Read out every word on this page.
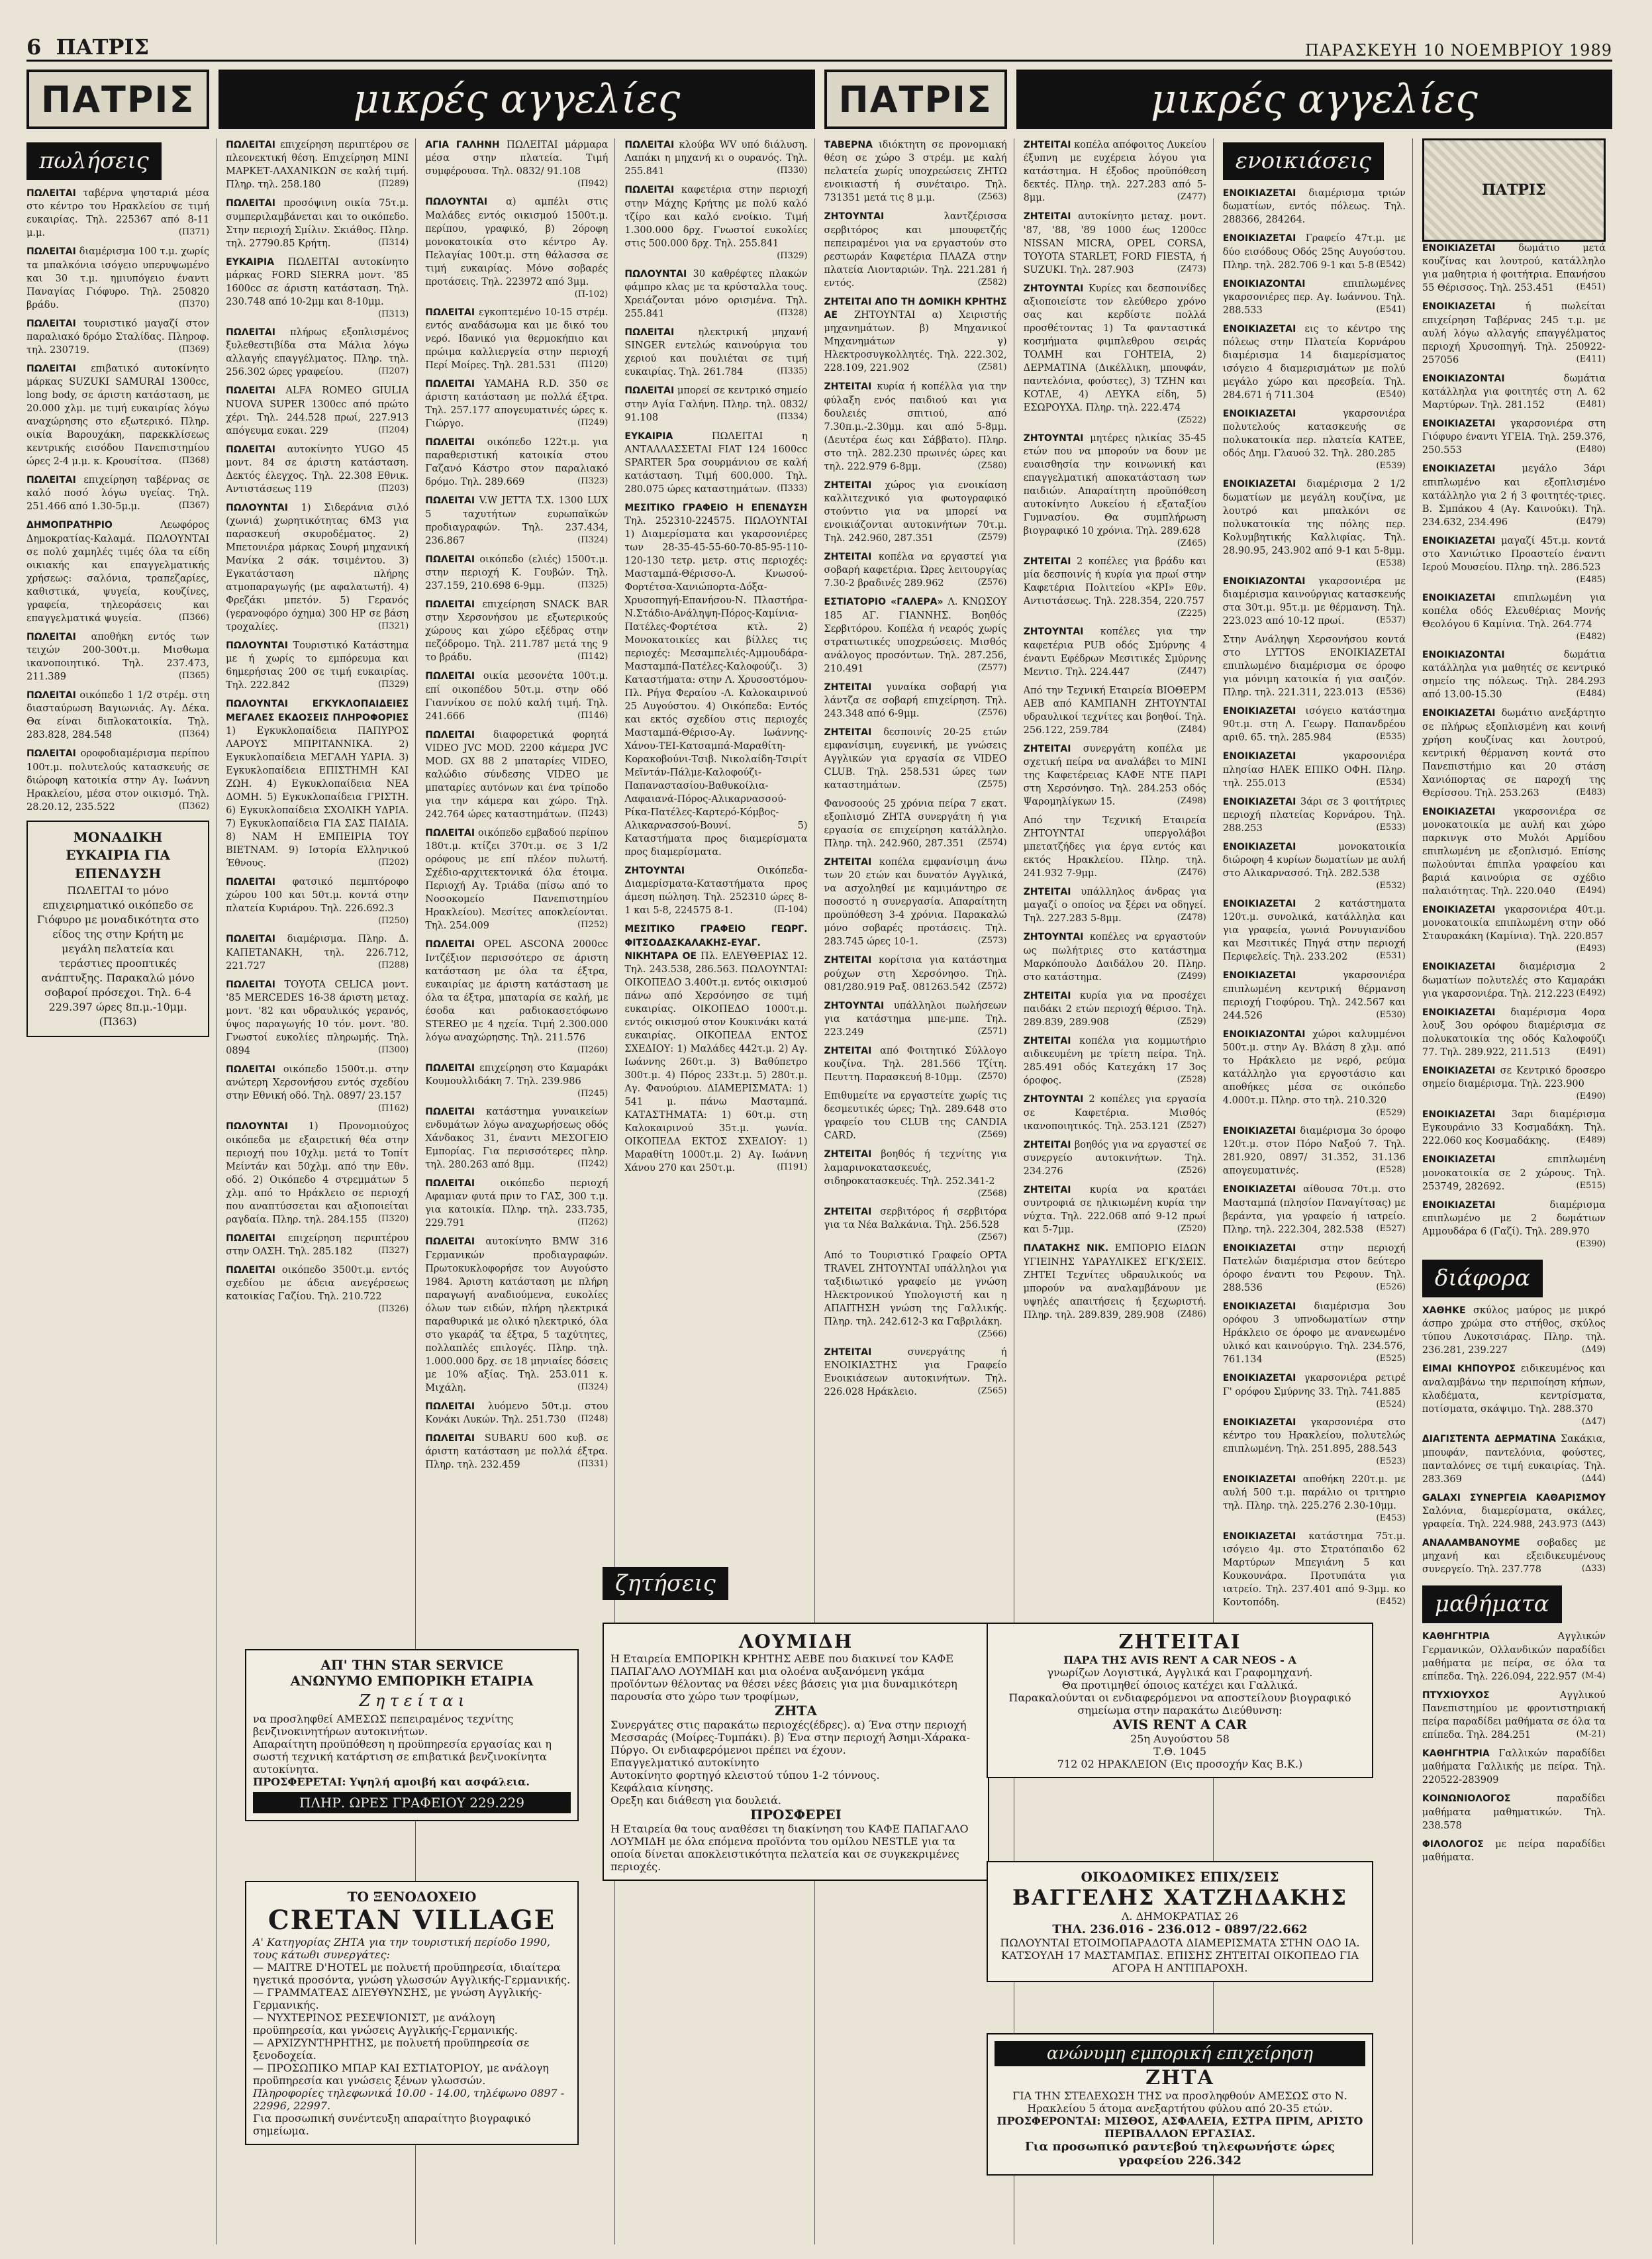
6 ΠΑΤΡΙΣ	ΠΑΡΑΣΚΕΥΗ 10 ΝΟΕΜΒΡΙΟΥ 1989
ΠΑΤΡΙΣ	μικρές αγγελίες	ΠΑΤΡΙΣ	μικρές αγγελίες
πωλήσεις
ΠΩΛΕΙΤΑΙ ταβέρνα ψησταριά μέσα στο κέντρο του Ηρακλείου σε τιμή ευκαιρίας. Τηλ. 225367 από 8-11 μ.μ.	(Π371)
ΠΩΛΕΙΤΑΙ διαμέρισμα 100 τ.μ. χωρίς τα μπαλκόνια ισόγειο υπερυψωμένο και 30 τ.μ. ημιυπόγειο έναντι Παναγίας Γιόφυρο. Τηλ. 250820 βράδυ.	(Π370)
ΠΩΛΕΙΤΑΙ τουριστικό μαγαζί στον παραλιακό δρόμο Σταλίδας. Πληροφ. τηλ. 230719.	(Π369)
ΠΩΛΕΙΤΑΙ επιβατικό αυτοκίνητο μάρκας SUZUKI SAMURAI 1300cc, long body, σε άριστη κατάσταση, με 20.000 χλμ. με τιμή ευκαιρίας λόγω αναχώρησης στο εξωτερικό. Πληρ. οικία Βαρουχάκη, παρεκκλίσεως κεντρικής εισόδου Πανεπιστημίου ώρες 2-4 μ.μ. κ. Κρουσίτσα. (Π368)
ΠΩΛΕΙΤΑΙ επιχείρηση ταβέρνας σε καλό ποσό λόγω υγείας. Τηλ. 251.466 από 1.30-5μ.μ.	(Π367)
ΔΗΜΟΠΡΑΤΗΡΙΟ	Λεωφόρος Δημοκρατίας-Καλαμά. ΠΩΛΟΥΝΤΑΙ σε πολύ χαμηλές τιμές όλα τα είδη οικιακής και επαγγελματικής χρήσεως: σαλόνια, τραπεζαρίες, καθιστικά, ψυγεία, κουζίνες, γραφεία, τηλεοράσεις και επαγγελματικά ψυγεία.	(Π366)
ΠΩΛΕΙΤΑΙ αποθήκη εντός των τειχών 200-300τ.μ. Μισθωμα ικανοποιητικό. Τηλ. 237.473, 211.389	(Π365)
ΠΩΛΕΙΤΑΙ οικόπεδο 1 1/2 στρέμ. στη διασταύρωση Βαγιωνιάς. Αγ. Δέκα. Θα είναι διπλοκατοικία. Τηλ. 283.828, 284.548	(Π364)
ΠΩΛΕΙΤΑΙ οροφοδιαμέρισμα περίπου 100τ.μ. πολυτελούς κατασκευής σε διώροφη κατοικία στην Αγ. Ιωάννη Ηρακλείου, μέσα στον οικισμό. Τηλ. 28.20.12, 235.522	(Π362)
ΜΟΝΑΔΙΚΗ ΕΥΚΑΙΡΙΑ ΓΙΑ ΕΠΕΝΔΥΣΗ
ΠΩΛΕΙΤΑΙ το μόνο επιχειρηματικό οικόπεδο σε Γιόφυρο με μοναδικότητα στο είδος της στην Κρήτη με μεγάλη πελατεία και τεράστιες προοπτικές ανάπτυξης. Παρακαλώ μόνο σοβαροί πρόσεχοι. Τηλ. 6-4 229.397 ώρες 8π.μ.-10μμ.
(Π363)
ΠΩΛΕΙΤΑΙ επιχείρηση περιπτέρου σε πλεονεκτική θέση. Επιχείρηση MINI ΜΑΡΚΕΤ-ΛΑΧΑΝΙΚΩΝ σε καλή τιμή. Πληρ. τηλ. 258.180	(Π289)
ΠΩΛΕΙΤΑΙ προσόψινη οικία 75τ.μ. συμπεριλαμβάνεται και το οικόπεδο. Στην περιοχή Σμίλιν. Σκιάθος. Πληρ. τηλ. 27790.85 Κρήτη.	(Π314)
ΕΥΚΑΙΡΙΑ ΠΩΛΕΙΤΑΙ αυτοκίνητο μάρκας FORD SIERRA μοντ. '85 1600cc σε άριστη κατάσταση. Τηλ. 230.748 από 10-2μμ και 8-10μμ.
(Π313)
ΠΩΛΕΙΤΑΙ πλήρως εξοπλισμένος ξυλεθεστιβίδα στα Μάλια λόγω αλλαγής επαγγέλματος. Πληρ. τηλ. 256.302 ώρες γραφείου.	(Π207)
ΠΩΛΕΙΤΑΙ ALFA ROMEO GIULIA NUOVA SUPER 1300cc από πρώτο χέρι. Τηλ. 244.528 πρωί, 227.913 απόγευμα ευκαι. 229	(Π204)
ΠΩΛΕΙΤΑΙ αυτοκίνητο YUGO 45 μοντ. 84 σε άριστη κατάσταση. Δεκτός έλεγχος. Τηλ. 22.308 Εθνικ. Αντιστάσεως 119	(Π203)
ΠΩΛΟΥΝΤΑΙ 1) Σιδεράνια σιλό (χωνιά) χωρητικότητας 6Μ3 για παρασκευή σκυροδέματος. 2) Μπετονιέρα μάρκας Σουρή μηχανική Μανίκα 2 σάκ. τσιμέντου. 3) Εγκατάσταση πλήρης ατμοπαραγωγής (με αφαλατωτή). 4) Φρεζάκι μπετόν. 5) Γερανός (γερανοφόρο όχημα) 300 HP σε βάση τροχαλίες.	(Π321)
ΠΩΛΟΥΝΤΑΙ Τουριστικό Κατάστημα με ή χωρίς το εμπόρευμα και 6ημερήσιας 200 σε τιμή ευκαιρίας. Τηλ. 222.842	(Π329)
ΠΩΛΟΥΝΤΑΙ ΕΓΚΥΚΛΟΠΑΙΔΕΙΕΣ ΜΕΓΑΛΕΣ ΕΚΔΟΣΕΙΣ ΠΛΗΡΟΦΟΡΙΕΣ 1) Εγκυκλοπαίδεια ΠΑΠΥΡΟΣ ΛΑΡΟΥΣ ΜΠΡΙΤΑΝΝΙΚΑ. 2) Εγκυκλοπαίδεια ΜΕΓΑΛΗ ΥΔΡΙΑ. 3) Εγκυκλοπαίδεια ΕΠΙΣΤΗΜΗ ΚΑΙ ΖΩΗ. 4) Εγκυκλοπαίδεια ΝΕΑ ΔΟΜΗ. 5) Εγκυκλοπαίδεια ΓΡΙΣΤΗ. 6) Εγκυκλοπαίδεια ΣΧΟΛΙΚΗ ΥΔΡΙΑ. 7) Εγκυκλοπαίδεια ΓΙΑ ΣΑΣ ΠΑΙΔΙΑ. 8) ΝΑΜ Η ΕΜΠΕΙΡΙΑ ΤΟΥ ΒΙΕΤΝΑΜ. 9) Ιστορία Ελληνικού Έθνους.	(Π202)
ΠΩΛΕΙΤΑΙ φατσικό πεμπτόροφο χώρου 100 και 50τ.μ. κοντά στην πλατεία Κυριάρου. Τηλ. 226.692.3
(Π250)
ΠΩΛΕΙΤΑΙ διαμέρισμα. Πληρ. Δ. ΚΑΠΕΤΑΝΑΚΗ, τηλ. 226.712, 221.727	(Π288)
ΠΩΛΕΙΤΑΙ TOYOTA CELICA μοντ. '85 MERCEDES 16-38 άριστη μεταχ. μοντ. '82 και υδραυλικός γερανός, ύψος παραγωγής 10 τόν. μοντ. '80. Γνωστοί ευκολίες πληρωμής. Τηλ. 0894	(Π300)
ΠΩΛΕΙΤΑΙ οικόπεδο 1500τ.μ. στην ανώτερη Χερσονήσου εντός σχεδίου στην Εθνική οδό. Τηλ. 0897/ 23.157
(Π162)
ΠΩΛΟΥΝΤΑΙ 1) Προνομιούχος οικόπεδα με εξαιρετική θέα στην περιοχή που 10χλμ. μετά το Τοπίτ Μείντάν και 50χλμ. από την Εθν. οδό. 2) Οικόπεδο 4 στρεμμάτων 5 χλμ. από το Ηράκλειο σε περιοχή που αναπτύσσεται και αξιοποιείται ραγδαία. Πληρ. τηλ. 284.155 (Π320)
ΠΩΛΕΙΤΑΙ επιχείρηση περιπτέρου στην ΟΑΣΗ. Τηλ. 285.182	(Π327)
ΠΩΛΕΙΤΑΙ οικόπεδο 3500τ.μ. εντός σχεδίου με άδεια ανεγέρσεως κατοικίας Γαζίου. Τηλ. 210.722
(Π326)
ΑΓΙΑ ΓΑΛΗΝΗ ΠΩΛΕΙΤΑΙ μάρμαρα μέσα στην πλατεία. Τιμή συμφέρουσα. Τηλ. 0832/ 91.108
(Π942)
ΠΩΛΟΥΝΤΑΙ α) αμπέλι στις Μαλάδες εντός οικισμού 1500τ.μ. περίπου, γραφικό, β) 2όροφη μονοκατοικία στο κέντρο Αγ. Πελαγίας 100τ.μ. στη θάλασσα σε τιμή ευκαιρίας. Μόνο σοβαρές προτάσεις. Τηλ. 223972 από 3μμ.
(Π-102)
ΠΩΛΕΙΤΑΙ εγκοπτεμένο 10-15 στρέμ. εντός αναδάσωμα και με δικό του νερό. Ιδανικό για θερμοκήπιο και πρώιμα καλλιεργεία στην περιοχή Περί Μοίρες. Τηλ. 281.531 (Π120)
ΠΩΛΕΙΤΑΙ YAMAHA R.D. 350 σε άριστη κατάσταση με πολλά έξτρα. Τηλ. 257.177 απογευματινές ώρες κ. Γιώργο.	(Π249)
ΠΩΛΕΙΤΑΙ οικόπεδο 122τ.μ. για παραθεριστική κατοικία στου Γαζανό Κάστρο στον παραλιακό δρόμο. Τηλ. 289.669	(Π323)
ΠΩΛΕΙΤΑΙ V.W JETTA T.X. 1300 LUX 5 ταχυτήτων ευρωπαϊκών προδιαγραφών. Τηλ. 237.434, 236.867	(Π324)
ΠΩΛΕΙΤΑΙ οικόπεδο (ελιές) 1500τ.μ. στην περιοχή Κ. Γουβών. Τηλ. 237.159, 210.698 6-9μμ.	(Π325)
ΠΩΛΕΙΤΑΙ επιχείρηση SNACK BAR στην Χερσονήσου με εξωτερικούς χώρους και χώρο εξέδρας στην πεζόδρομο. Τηλ. 211.787 μετά της 9 το βράδυ.	(Π142)
ΠΩΛΕΙΤΑΙ οικία μεσονέτα 100τ.μ. επί οικοπέδου 50τ.μ. στην οδό Γιαννίκου σε πολύ καλή τιμή. Τηλ. 241.666	(Π146)
ΠΩΛΕΙΤΑΙ διαφορετικά φορητά VIDEO JVC MOD. 2200 κάμερα JVC MOD. GX 88 2 μπαταρίες VIDEO, καλώδιο σύνδεσης VIDEO με μπαταρίες αυτόνων και ένα τρίποδο για την κάμερα και χώρο. Τηλ. 242.764 ώρες καταστημάτων. (Π243)
ΠΩΛΕΙΤΑΙ οικόπεδο εμβαδού περίπου 180τ.μ. κτίζει 370τ.μ. σε 3 1/2 ορόφους με επί πλέον πυλωτή. Σχέδιο-αρχιτεκτονικά όλα έτοιμα. Περιοχή Αγ. Τριάδα (πίσω από το Νοσοκομείο Πανεπιστημίου Ηρακλείου). Μεσίτες αποκλείονται. Τηλ. 254.009	(Π252)
ΠΩΛΕΙΤΑΙ OPEL ASCONA 2000cc Ιντζέξιον περισσότερο σε άριστη κατάσταση με όλα τα έξτρα, ευκαιρίας με άριστη κατάσταση με όλα τα έξτρα, μπαταρία σε καλή, με έσοδα και ραδιοκασετόφωνο STEREO με 4 ηχεία. Τιμή 2.300.000 λόγω αναχώρησης. Τηλ. 211.576
(Π260)
ΠΩΛΕΙΤΑΙ επιχείρηση στο Καμαράκι Κουμουλλιδάκη 7. Τηλ. 239.986
(Π245)
ΠΩΛΕΙΤΑΙ κατάστημα γυναικείων ενδυμάτων λόγω αναχωρήσεως οδός Χάνδακος 31, έναντι ΜΕΣΟΓΕΙΟ Εμπορίας. Για περισσότερες πληρ. τηλ. 280.263 από 8μμ.	(Π242)
ΠΩΛΕΙΤΑΙ	οικόπεδο περιοχή Αφαμιαν φυτά πριν το ΓΑΣ, 300 τ.μ. για κατοικία. Πληρ. τηλ. 233.735, 229.791	(Π262)
ΠΩΛΕΙΤΑΙ αυτοκίνητο BMW 316 Γερμανικών προδιαγραφών. Πρωτοκυκλοφορήσε τον Αυγούστο 1984. Άριστη κατάσταση με πλήρη παραγωγή αναδιούμενα, ευκολίες όλων των ειδών, πλήρη ηλεκτρικά παραθυρικά με ολικό ηλεκτρικό, όλα στο γκαράζ τα έξτρα, 5 ταχύτητες, πολλαπλές επιλογές. Πληρ. τηλ. 1.000.000 δρχ. σε 18 μηνιαίες δόσεις με 10% αξίας. Τηλ. 253.011 κ. Μιχάλη.	(Π324)
ΠΩΛΕΙΤΑΙ λυόμενο 50τ.μ. στου Κονάκι Λυκών. Τηλ. 251.730 (Π248)
ΠΩΛΕΙΤΑΙ SUBARU 600 κυβ. σε άριστη κατάσταση με πολλά έξτρα. Πληρ. τηλ. 232.459	(Π331)
ΠΩΛΕΙΤΑΙ κλούβα WV υπό διάλυση. Λαπάκι η μηχανή κι ο ουρανός. Τηλ. 255.841	(Π330)
ΠΩΛΕΙΤΑΙ καφετέρια στην περιοχή στην Μάχης Κρήτης με πολύ καλό τζίρο και καλό ενοίκιο. Τιμή 1.300.000 δρχ. Γνωστοί ευκολίες στις 500.000 δρχ. Τηλ. 255.841
(Π329)
ΠΩΛΟΥΝΤΑΙ 30 καθρέφτες πλακών φάμπρο κλας με τα κρύσταλλα τους. Χρειάζονται μόνο ορισμένα. Τηλ. 255.841	(Π328)
ΠΩΛΕΙΤΑΙ	ηλεκτρική μηχανή SINGER εντελώς καινούργια του χεριού και πουλιέται σε τιμή ευκαιρίας. Τηλ. 261.784	(Π335)
ΠΩΛΕΙΤΑΙ μπορεί σε κεντρικό σημείο στην Αγία Γαλήνη. Πληρ. τηλ. 0832/ 91.108	(Π334)
ΕΥΚΑΙΡΙΑ	ΠΩΛΕΙΤΑΙ η ΑΝΤΑΛΛΑΣΣΕΤΑΙ FIAT 124 1600cc SPARTER 5ρα σουρμάνιου σε καλή κατάσταση. Τιμή 600.000. Τηλ. 280.075 ώρες καταστημάτων. (Π333)
ΜΕΣΙΤΙΚΟ ΓΡΑΦΕΙΟ Η ΕΠΕΝΔΥΣΗ Τηλ. 252310-224575. ΠΩΛΟΥΝΤΑΙ 1) Διαμερίσματα και γκαρσονιέρες των 28-35-45-55-60-70-85-95-110-120-130 τετρ. μετρ. στις περιοχές: Μασταμπά-Θέρισσο-Λ. Κνωσού-Φορτέτσα-Χανιώπορτα-Δόξα-Χρυσοπηγή-Επανήσου-Ν. Πλαστήρα-Ν.Στάδιο-Ανάληψη-Πόρος-Καμίνια-Πατέλες-Φορτέτσα κτλ. 2) Μονοκατοικίες και βίλλες τις περιοχές: Μεσαμπελιές-Αμμουδάρα-Μασταμπά-Πατέλες-Καλοφούζι. 3) Καταστήματα: στην Λ. Χρυσοστόμου-Πλ. Ρήγα Φεραίου -Λ. Καλοκαιρινού 25 Αυγούστου. 4) Οικόπεδα: Εντός και εκτός σχεδίου στις περιοχές Μασταμπά-Θέρισο-Αγ. Ιωάννης-Χάνου-ΤΕΙ-Κατσαμπά-Μαραθίτη-Κορακοβούνι-Τσιβ. Νικολαίδη-Τσιρίτ Μεϊντάν-Πάλμε-Καλοφούζι-Παπαναστασίου-Βαθυκοίλια-Λαφαιανά-Πόρος-Αλικαρνασσού-Ρίκα-Πατέλες-Καρτερό-Κόμβος-Αλικαρνασσού-Βουνί. 5) Καταστήματα προς διαμερίσματα προς διαμερίσματα.
ΖΗΤΟΥΝΤΑΙ	Οικόπεδα-Διαμερίσματα-Καταστήματα προς άμεση πώληση. Τηλ. 252310 ώρες 8-1 και 5-8, 224575 8-1.	(Π-104)
ΜΕΣΙΤΙΚΟ ΓΡΑΦΕΙΟ ΓΕΩΡΓ. ΦΙΤΣΟΔΑΣΚΑΛΑΚΗΣ-ΕΥΑΓ. ΝΙΚΗΤΑΡΑ ΟΕ Πλ. ΕΛΕΥΘΕΡΙΑΣ 12. Τηλ. 243.538, 286.563. ΠΩΛΟΥΝΤΑΙ: ΟΙΚΟΠΕΔΟ 3.400τ.μ. εντός οικισμού πάνω από Χερσόνησο σε τιμή ευκαιρίας. ΟΙΚΟΠΕΔΟ 1000τ.μ. εντός οικισμού στον Κουκινάκι κατά ευκαιρίας. ΟΙΚΟΠΕΔΑ ΕΝΤΟΣ ΣΧΕΔΙΟΥ: 1) Μαλάδες 442τ.μ. 2) Αγ. Ιωάννης 260τ.μ. 3) Βαθύπετρο 300τ.μ. 4) Πόρος 233τ.μ. 5) 280τ.μ. Αγ. Φανούριου. ΔΙΑΜΕΡΙΣΜΑΤΑ: 1) 541 μ. πάνω Μασταμπά. ΚΑΤΑΣΤΗΜΑΤΑ: 1) 60τ.μ. στη Καλοκαιρινού 35τ.μ. γωνία. ΟΙΚΟΠΕΔΑ ΕΚΤΟΣ ΣΧΕΔΙΟΥ: 1) Μαραθίτη 1000τ.μ. 2) Αγ. Ιωάννη Χάνου 270 και 250τ.μ.	(Π191)
ΤΑΒΕΡΝΑ ιδιόκτητη σε προνομιακή θέση σε χώρο 3 στρέμ. με καλή πελατεία χωρίς υποχρεώσεις ΖΗΤΩ ενοικιαστή ή συνέταιρο. Τηλ. 731351 μετά τις 8 μ.μ.	(Z563)
ΖΗΤΟΥΝΤΑΙ	λαντζέρισσα σερβιτόρος και μπουφετζής πεπειραμένοι για να εργαστούν στο ρεστωράν Καφετέρια ΠΛΑΖΑ στην πλατεία Λιονταριών. Τηλ. 221.281 ή εντός.	(Z582)
ΖΗΤΕΙΤΑΙ ΑΠΟ ΤΗ ΔΟΜΙΚΗ ΚΡΗΤΗΣ ΑΕ ΖΗΤΟΥΝΤΑΙ α) Χειριστής μηχανημάτων. β) Μηχανικοί Μηχανημάτων γ) Ηλεκτροσυγκολλητές. Τηλ. 222.302, 228.109, 221.902	(Z581)
ΖΗΤΕΙΤΑΙ κυρία ή κοπέλλα για την φύλαξη ενός παιδιού και για δουλειές σπιτιού, από 7.30π.μ.-2.30μμ. και από 5-8μμ. (Δευτέρα έως και Σάββατο). Πληρ. στο τηλ. 282.230 πρωινές ώρες και τηλ. 222.979 6-8μμ.	(Z580)
ΖΗΤΕΙΤΑΙ χώρος για ενοικίαση καλλιτεχνικό για φωτογραφικό στούντιο για να μπορεί να ενοικιάζονται αυτοκινήτων 70τ.μ. Τηλ. 242.960, 287.351	(Z579)
ΖΗΤΕΙΤΑΙ κοπέλα να εργαστεί για σοβαρή καφετέρια. Ώρες λειτουργίας 7.30-2 βραδινές 289.962	(Z576)
ΕΣΤΙΑΤΟΡΙΟ «ΓΑΛΕΡΑ» Λ. ΚΝΩΣΟΥ 185 ΑΓ. ΓΙΑΝΝΗΣ. Βοηθός Σερβιτόρου. Κοπέλα ή νεαρός χωρίς στρατιωτικές υποχρεώσεις. Μισθός ανάλογος προσόντων. Τηλ. 287.256, 210.491	(Z577)
ΖΗΤΕΙΤΑΙ γυναίκα σοβαρή για λάντζα σε σοβαρή επιχείρηση. Τηλ. 243.348 από 6-9μμ.	(Z576)
ΖΗΤΕΙΤΑΙ δεσποινίς 20-25 ετών εμφανίσιμη, ευγενική, με γνώσεις Αγγλικών για εργασία σε VIDEO CLUB. Τηλ. 258.531 ώρες των καταστημάτων.	(Z575)
Φανοσοούς 25 χρόνια πείρα 7 εκατ. εξοπλισμό ΖΗΤΑ συνεργάτη ή για εργασία σε επιχείρηση κατάλληλο. Πληρ. τηλ. 242.960, 287.351 (Z574)
ΖΗΤΕΙΤΑΙ κοπέλα εμφανίσιμη άνω των 20 ετών και δυνατόν Αγγλικά, να ασχοληθεί με καμιμάντηρο σε ποσοστό η συνεργασία. Απαραίτητη προϋπόθεση 3-4 χρόνια. Παρακαλώ μόνο σοβαρές προτάσεις. Τηλ. 283.745 ώρες 10-1.	(Z573)
ΖΗΤΕΙΤΑΙ κορίτσια για κατάστημα ρούχων στη Χερσόνησο. Τηλ. 081/280.919 Ραξ. 081263.542 (Z572)
ΖΗΤΟΥΝΤΑΙ υπάλληλοι πωλήσεων για κατάστημα μπε-μπε. Τηλ. 223.249	(Z571)
ΖΗΤΕΙΤΑΙ από Φοιτητικό Σύλλογο κουζίνα. Τηλ. 281.566 Τζίτη. Πευττη. Παρασκευή 8-10μμ. (Z570)
Επιθυμείτε να εργαστείτε χωρίς τις δεσμευτικές ώρες; Τηλ. 289.648 στο γραφείο του CLUB της CANDIA CARD.	(Z569)
ΖΗΤΕΙΤΑΙ βοηθός ή τεχνίτης για λαμαρινοκατασκευές, σιδηροκατασκευές. Τηλ. 252.341-2
(Z568)
ΖΗΤΕΙΤΑΙ σερβιτόρος ή σερβιτόρα για τα Νέα Βαλκάνια. Τηλ. 256.528
(Z567)
Από το Τουριστικό Γραφείο OPTA TRAVEL ΖΗΤΟΥΝΤΑΙ υπάλληλοι για ταξιδιωτικό γραφείο με γνώση Ηλεκτρονικού Υπολογιστή και η ΑΠΑΙΤΗΣΗ γνώση της Γαλλικής. Πληρ. τηλ. 242.612-3 κα Γαβριλάκη.
(Z566)
ΖΗΤΕΙΤΑΙ	συνεργάτης ή ΕΝΟΙΚΙΑΣΤΗΣ για Γραφείο Ενοικιάσεων αυτοκινήτων. Τηλ. 226.028 Ηράκλειο.	(Z565)
ΖΗΤΕΙΤΑΙ κοπέλα απόφοιτος Λυκείου έξυπνη με ευχέρεια λόγου για κατάστημα. Η έξοδος προϋπόθεση δεκτές. Πληρ. τηλ. 227.283 από 5-8μμ.	(Z477)
ΖΗΤΕΙΤΑΙ αυτοκίνητο μεταχ. μοντ. '87, '88, '89 1000 έως 1200cc NISSAN MICRA, OPEL CORSA, TOYOTA STARLET, FORD FIESTA, ή SUZUKI. Τηλ. 287.903	(Z473)
ΖΗΤΟΥΝΤΑΙ Κυρίες και δεσποινίδες αξιοποιείστε τον ελεύθερο χρόνο σας και κερδίστε πολλά προσθέτοντας 1) Τα φανταστικά κοσμήματα φιμπλεθρου σειράς ΤΟΛΜΗ και ΓΟΗΤΕΙΑ, 2) ΔΕΡΜΑΤΙΝΑ (Δικέλλικη, μπουφάν, παντελόνια, φούστες), 3) ΤΖΗΝ και ΚΟΤΛΕ, 4) ΛΕΥΚΑ είδη, 5) ΕΣΩΡΟΥΧΑ. Πληρ. τηλ. 222.474
(Z522)
ΖΗΤΟΥΝΤΑΙ μητέρες ηλικίας 35-45 ετών που να μπορούν να δουν με ευαισθησία την κοινωνική και επαγγελματική αποκατάσταση των παιδιών. Απαραίτητη προϋπόθεση αυτοκίνητο Λυκείου ή εξαταξίου Γυμνασίου. Θα συμπλήρωση βιογραφικό 10 χρόνια. Τηλ. 289.628
(Z465)
ΖΗΤΕΙΤΑΙ 2 κοπέλες για βράδυ και μία δεσποινίς ή κυρία για πρωί στην Καφετέρια Πολιτείου «KPI» Εθν. Αντιστάσεως. Τηλ. 228.354, 220.757
(Z225)
ΖΗΤΟΥΝΤΑΙ κοπέλες για την καφετέρια PUB οδός Σμύρνης 4 έναντι Εφέδρων Μεσιτικές Σμύρνης Μεντισ. Τηλ. 224.447	(Z447)
Από την Τεχνική Εταιρεία ΒΙΟΘΕΡΜ ΑΕΒ από ΚΑΜΠΑΝΗ ΖΗΤΟΥΝΤΑΙ υδραυλικοί τεχνίτες και βοηθοί. Τηλ. 256.122, 259.784	(Z484)
ΖΗΤΕΙΤΑΙ συνεργάτη κοπέλα με σχετική πείρα να αναλάβει το MINI της Καφετέρειας ΚΑΦΕ ΝΤΕ ΠΑΡΙ στη Χερσόνησο. Τηλ. 284.253 οδός Ψαρομηλίγκων 15.	(Z498)
Από την Τεχνική Εταιρεία ΖΗΤΟΥΝΤΑΙ υπεργολάβοι μπετατζήδες για έργα εντός και εκτός Ηρακλείου. Πληρ. τηλ. 241.932 7-9μμ.	(Z476)
ΖΗΤΕΙΤΑΙ υπάλληλος άνδρας για μαγαζί ο οποίος να ξέρει να οδηγεί. Τηλ. 227.283 5-8μμ.	(Z478)
ΖΗΤΟΥΝΤΑΙ κοπέλες να εργαστούν ως πωλήτριες στο κατάστημα Μαρκόπουλο Δαιδάλου 20. Πληρ. στο κατάστημα.	(Z499)
ΖΗΤΕΙΤΑΙ κυρία για να προσέχει παιδάκι 2 ετών περιοχή θέρισο. Τηλ. 289.839, 289.908	(Z529)
ΖΗΤΕΙΤΑΙ κοπέλα για κομμωτήριο αιδικευμένη με τρίετη πείρα. Τηλ. 285.491 οδός Κατεχάκη 17 3ος όροφος.	(Z528)
ΖΗΤΟΥΝΤΑΙ 2 κοπέλες για εργασία σε Καφετέρια. Μισθός ικανοποιητικός. Τηλ. 253.121 (Z527)
ΖΗΤΕΙΤΑΙ βοηθός για να εργαστεί σε συνεργείο αυτοκινήτων. Τηλ. 234.276	(Z526)
ΖΗΤΕΙΤΑΙ κυρία να κρατάει συντροφιά σε ηλικιωμένη κυρία την νύχτα. Τηλ. 222.068 από 9-12 πρωί και 5-7μμ.	(Z520)
ΠΛΑΤΑΚΗΣ ΝΙΚ. ΕΜΠΟΡΙΟ ΕΙΔΩΝ ΥΓΙΕΙΝΗΣ ΥΔΡΑΥΛΙΚΕΣ ΕΓΚ/ΣΕΙΣ. ΖΗΤΕΙ Τεχνίτες υδραυλικούς να μπορούν να αναλαμβάνουν με υψηλές απαιτήσεις ή ξεχωριστή. Πληρ. τηλ. 289.839, 289.908 (Z486)
ενοικιάσεις
ΕΝΟΙΚΙΑΖΕΤΑΙ διαμέρισμα τριών δωματίων, εντός πόλεως. Τηλ. 288366, 284264.
ΕΝΟΙΚΙΑΖΕΤΑΙ Γραφείο 47τ.μ. με δύο εισόδους Οδός 25ης Αυγούστου. Πληρ. τηλ. 282.706 9-1 και 5-8 (E542)
ΕΝΟΙΚΙΑΖΟΝΤΑΙ	επιπλωμένες γκαρσονιέρες περ. Αγ. Ιωάννου. Τηλ. 288.533	(E541)
ΕΝΟΙΚΙΑΖΕΤΑΙ εις το κέντρο της πόλεως στην Πλατεία Κορνάρου διαμέρισμα 14 διαμερίσματος ισόγειο 4 διαμερισμάτων με πολύ μεγάλο χώρο και πρεσβεία. Τηλ. 284.671 ή 711.304	(E540)
ΕΝΟΙΚΙΑΖΕΤΑΙ	γκαρσονιέρα πολυτελούς κατασκευής σε πολυκατοικία περ. πλατεία ΚΑΤΕΕ, οδός Δημ. Γλαυού 32. Τηλ. 280.285
(E539)
ΕΝΟΙΚΙΑΖΕΤΑΙ διαμέρισμα 2 1/2 δωματίων με μεγάλη κουζίνα, με λουτρό και μπαλκόνι σε πολυκατοικία της πόλης περ. Κολυμβητικής Καλλιφίας. Τηλ. 28.90.95, 243.902 από 9-1 και 5-8μμ.
(E538)
ΕΝΟΙΚΙΑΖΟΝΤΑΙ γκαρσονιέρα με διαμέρισμα καινούργιας κατασκευής στα 30τ.μ. 95τ.μ. με θέρμανση. Τηλ. 223.023 από 10-12 πρωί.	(E537)
Στην Ανάληψη Χερσονήσου κοντά στο LYTTOS ΕΝΟΙΚΙΑΖΕΤΑΙ επιπλωμένο διαμέρισμα σε όροφο για μόνιμη κατοικία ή για σαιζόν. Πληρ. τηλ. 221.311, 223.013 (E536)
ΕΝΟΙΚΙΑΖΕΤΑΙ ισόγειο κατάστημα 90τ.μ. στη Λ. Γεωργ. Παπανδρέου αριθ. 65. τηλ. 285.984	(E535)
ΕΝΟΙΚΙΑΖΕΤΑΙ	γκαρσονιέρα πλησίασ ΗΛΕΚ ΕΠΙΚΟ ΟΦΗ. Πληρ. τηλ. 255.013	(E534)
ΕΝΟΙΚΙΑΖΕΤΑΙ 3άρι σε 3 φοιτήτριες περιοχή πλατείας Κορνάρου. Τηλ. 288.253	(E533)
ΕΝΟΙΚΙΑΖΕΤΑΙ	μονοκατοικία διώροφη 4 κυρίων δωματίων με αυλή στο Αλικαρνασσό. Τηλ. 282.538
(E532)
ΕΝΟΙΚΙΑΖΕΤΑΙ 2 κατάστηματα 120τ.μ. συνολικά, κατάλληλα και για γραφεία, γωνιά Ρονυγιανίδου και Μεσιτικές Πηγά στην περιοχή Περιφελείς. Τηλ. 233.202	(E531)
ΕΝΟΙΚΙΑΖΕΤΑΙ	γκαρσονιέρα επιπλωμένη κεντρική θέρμανση περιοχή Γιοφύρου. Τηλ. 242.567 και 244.526	(E530)
ΕΝΟΙΚΙΑΖΟΝΤΑΙ χώροι καλυμμένοι 500τ.μ. στην Αγ. Βλάση 8 χλμ. από το Ηράκλειο με νερό, ρεύμα κατάλληλο για εργοστάσιο και αποθήκες μέσα σε οικόπεδο 4.000τ.μ. Πληρ. στο τηλ. 210.320
(E529)
ΕΝΟΙΚΙΑΖΕΤΑΙ διαμέρισμα 3ο όροφο 120τ.μ. στον Πόρο Ναξού 7. Τηλ. 281.920, 0897/ 31.352, 31.136 απογευματινές.	(E528)
ΕΝΟΙΚΙΑΖΕΤΑΙ αίθουσα 70τ.μ. στο Μασταμπά (πλησίον Παναγίτσας) με βεράντα, για γραφείο ή ιατρείο. Πληρ. τηλ. 222.304, 282.538 (E527)
ΕΝΟΙΚΙΑΖΕΤΑΙ	στην περιοχή Πατελών διαμέρισμα στον δεύτερο όροφο έναντι του Ρεφουν. Τηλ. 288.536	(E526)
ΕΝΟΙΚΙΑΖΕΤΑΙ διαμέρισμα 3ου ορόφου 3 υπνοδωματίων στην Ηράκλειο σε όροφο με ανανεωμένο υλικό και καινούργιο. Τηλ. 234.576, 761.134	(E525)
ΕΝΟΙΚΙΑΖΕΤΑΙ γκαρσονιέρα ρετιρέ Γ' ορόφου Σμύρνης 33. Τηλ. 741.885
(E524)
ΕΝΟΙΚΙΑΖΕΤΑΙ γκαρσονιέρα στο κέντρο του Ηρακλείου, πολυτελώς επιπλωμένη. Τηλ. 251.895, 288.543
(E523)
ΕΝΟΙΚΙΑΖΕΤΑΙ αποθήκη 220τ.μ. με αυλή 500 τ.μ. παράλιο οι τριτηριο τηλ. Πληρ. τηλ. 225.276 2.30-10μμ.
(E453)
ΕΝΟΙΚΙΑΖΕΤΑΙ κατάστημα 75τ.μ. ισόγειο 4μ. στο Στρατόπαιδο 62 Μαρτύρων Μπεγιάνη 5 και Κουκουνάρα. Προτυπάτα για ιατρείο. Τηλ. 237.401 από 9-3μμ. κο Κοντοπόδη.	(E452)
ΠΑΤΡΙΣ
ΕΝΟΙΚΙΑΖΕΤΑΙ δωμάτιο μετά κουζίνας και λουτρού, κατάλληλο για μαθητρια ή φοιτήτρια. Επανήσου 55 Θέρισσος. Τηλ. 253.451	(E451)
ΕΝΟΙΚΙΑΖΕΤΑΙ	ή πωλείται επιχείρηση Ταβέρνας 245 τ.μ. με αυλή λόγω αλλαγής επαγγέλματος περιοχή Χρυσοπηγή. Τηλ. 250922-257056	(E411)
ΕΝΟΙΚΙΑΖΟΝΤΑΙ	δωμάτια κατάλληλα για φοιτητές στη Λ. 62 Μαρτύρων. Τηλ. 281.152	(E481)
ΕΝΟΙΚΙΑΖΕΤΑΙ γκαρσονιέρα στη Γιόφυρο έναντι ΥΓΕΙΑ. Τηλ. 259.376, 250.553	(E480)
ΕΝΟΙΚΙΑΖΕΤΑΙ	μεγάλο 3άρι επιπλωμένο και εξοπλισμένο κατάλληλο για 2 ή 3 φοιτητές-τριες. Β. Σμπάκου 4 (Αγ. Καινούκι). Τηλ. 234.632, 234.496	(E479)
ΕΝΟΙΚΙΑΖΕΤΑΙ μαγαζί 45τ.μ. κοντά στο Χανιώτικο Προαστείο έναντι Ιερού Μουσείου. Πληρ. τηλ. 286.523
(E485)
ΕΝΟΙΚΙΑΖΕΤΑΙ επιπλωμένη για κοπέλα οδός Ελευθέριας Μονής Θεολόγου 6 Καμίνια. Τηλ. 264.774
(E482)
ΕΝΟΙΚΙΑΖΟΝΤΑΙ	δωμάτια κατάλληλα για μαθητές σε κεντρικό σημείο της πόλεως. Τηλ. 284.293 από 13.00-15.30	(E484)
ΕΝΟΙΚΙΑΖΕΤΑΙ δωμάτιο ανεξάρτητο σε πλήρως εξοπλισμένη και κοινή χρήση κουζίνας και λουτρού, κεντρική θέρμανση κοντά στο Πανεπιστήμιο και 20 στάση Χανιόπορτας σε παροχή της Θερίσσου. Τηλ. 253.263	(E483)
ΕΝΟΙΚΙΑΖΕΤΑΙ γκαρσονιέρα σε μονοκατοικία με αυλή και χώρο παρκινγκ στο Μυλόι Αρμίδου επιπλωμένη με εξοπλισμό. Επίσης πωλούνται έπιπλα γραφείου και βαριά καινούρια σε σχέδιο παλαιότητας. Τηλ. 220.040 (E494)
ΕΝΟΙΚΙΑΖΕΤΑΙ γκαρσονιέρα 40τ.μ. μονοκατοικία επιπλωμένη στην οδό Σταυρακάκη (Καμίνια). Τηλ. 220.857
(E493)
ΕΝΟΙΚΙΑΖΕΤΑΙ	διαμέρισμα 2 δωματίων πολυτελές στο Καμαράκι για γκαρσονιέρα. Τηλ. 212.223 (E492)
ΕΝΟΙΚΙΑΖΕΤΑΙ διαμέρισμα 4ορα λουξ 3ου ορόφου διαμέρισμα σε πολυκατοικία της οδός Καλοφούζι 77. Τηλ. 289.922, 211.513	(E491)
ΕΝΟΙΚΙΑΖΕΤΑΙ σε Κεντρικό δροσερο σημείο διαμέρισμα. Τηλ. 223.900
(E490)
ΕΝΟΙΚΙΑΖΕΤΑΙ 3αρι διαμέρισμα Εγκουράνιο 33 Κοσμαδάκη. Τηλ. 222.060 κος Κοσμαδάκης.	(E489)
ΕΝΟΙΚΙΑΖΕΤΑΙ	επιπλωμένη μονοκατοικία σε 2 χώρους. Τηλ. 253749, 282692.	(E515)
ΕΝΟΙΚΙΑΖΕΤΑΙ	διαμέρισμα επιπλωμένο με 2 δωμάτιων Αμμουδάρα 6 (Γαζί). Τηλ. 289.970
(E390)
διάφορα
ΧΑΘΗΚΕ σκύλος μαύρος με μικρό άσπρο χρώμα στο στήθος, σκύλος τύπου Λυκοτσιάρας. Πληρ. τηλ. 236.281, 239.227	(Δ49)
ΕΙΜΑΙ ΚΗΠΟΥΡΟΣ ειδικευμένος και αναλαμβάνω την περιποίηση κήπων, κλαδέματα, κεντρίσματα, ποτίσματα, σκάψιμο. Τηλ. 288.370
(Δ47)
ΔΙΑΓΙΣΤΕΝΤΑ ΔΕΡΜΑΤΙΝΑ Σακάκια, μπουφάν, παντελόνια, φούστες, πανταλόνες σε τιμή ευκαιρίας. Τηλ. 283.369	(Δ44)
GALAXI ΣΥΝΕΡΓΕΙΑ ΚΑΘΑΡΙΣΜΟΥ Σαλόνια, διαμερίσματα, σκάλες, γραφεία. Τηλ. 224.988, 243.973 (Δ43)
ΑΝΑΛΑΜΒΑΝΟΥΜΕ σοβαδες με μηχανή και εξειδικευμένους συνεργείο. Τηλ. 237.778	(Δ33)
μαθήματα
ΚΑΘΗΓΗΤΡΙΑ	Αγγλικών Γερμανικών, Ολλανδικών παραδίδει μαθήματα με πείρα, σε όλα τα επίπεδα. Τηλ. 226.094, 222.957 (M-4)
ΠΤΥΧΙΟΥΧΟΣ	Αγγλικού Πανεπιστημίου με φροντιστηριακή πείρα παραδίδει μαθήματα σε όλα τα επίπεδα. Τηλ. 284.251	(M-21)
ΚΑΘΗΓΗΤΡΙΑ Γαλλικών παραδίδει μαθήματα Γαλλικής με πείρα. Τηλ. 220522-283909
ΚΟΙΝΩΝΙΟΛΟΓΟΣ	παραδίδει μαθήματα μαθηματικών. Τηλ. 238.578
ΦΙΛΟΛΟΓΟΣ με πείρα παραδίδει μαθήματα.
ΑΠ' ΤΗΝ STAR SERVICE
ΑΝΩΝΥΜΟ ΕΜΠΟΡΙΚΗ ΕΤΑΙΡΙΑ
Ζ η τ ε ί τ α ι
να προσληφθεί ΑΜΕΣΩΣ πεπειραμένος τεχνίτης βενζινοκινητήρων αυτοκινήτων.
Απαραίτητη προϋπόθεση η προϋπηρεσία εργασίας και η σωστή τεχνική κατάρτιση σε επιβατικά βενζινοκίνητα αυτοκίνητα.
ΠΡΟΣΦΕΡΕΤΑΙ: Υψηλή αμοιβή και ασφάλεια.
ΠΛΗΡ. ΩΡΕΣ ΓΡΑΦΕΙΟΥ 229.229
ΤΟ ΞΕΝΟΔΟΧΕΙΟ
CRETAN VILLAGE
Α' Κατηγορίας ΖΗΤΑ για την τουριστική περίοδο 1990, τους κάτωθι συνεργάτες:
— MAITRE D'HOTEL με πολυετή προϋπηρεσία, ιδιαίτερα ηγετικά προσόντα, γνώση γλωσσών Αγγλικής-Γερμανικής.
— ΓΡΑΜΜΑΤΕΑΣ ΔΙΕΥΘΥΝΣΗΣ, με γνώση Αγγλικής-Γερμανικής.
— ΝΥΧΤΕΡΙΝΟΣ ΡΕΣΕΨΙΟΝΙΣΤ, με ανάλογη προϋπηρεσία, και γνώσεις Αγγλικής-Γερμανικής.
— ΑΡΧΙΖΥΝΤΗΡΗΤΗΣ, με πολυετή προϋπηρεσία σε ξενοδοχεία.
— ΠΡΟΣΩΠΙΚΟ ΜΠΑΡ ΚΑΙ ΕΣΤΙΑΤΟΡΙΟΥ, με ανάλογη προϋπηρεσία και γνώσεις ξένων γλωσσών.
Πληροφορίες τηλεφωνικά 10.00 - 14.00, τηλέφωνο 0897 - 22996, 22997.
Για προσωπική συνέντευξη απαραίτητο βιογραφικό σημείωμα.
ΛΟΥΜΙΔΗ
Η Εταιρεία ΕΜΠΟΡΙΚΗ ΚΡΗΤΗΣ ΑΕΒΕ που διακινεί τον ΚΑΦΕ ΠΑΠΑΓΑΛΟ ΛΟΥΜΙΔΗ και μια ολοένα αυξανόμενη γκάμα προϊόντων θέλοντας να θέσει νέες βάσεις για μια δυναμικότερη παρουσία στο χώρο των τροφίμων,
ΖΗΤΑ
Συνεργάτες στις παρακάτω περιοχές(έδρες). α) Ένα στην περιοχή Μεσσαράς (Μοίρες-Τυμπάκι). β) Ένα στην περιοχή Άσημι-Χάρακα-Πύργο. Οι ενδιαφερόμενοι πρέπει να έχουν.
Επαγγελματικό αυτοκίνητο
Αυτοκίνητο φορτηγό κλειστού τύπου 1-2 τόννους.
Κεφάλαια κίνησης.
Ορεξη και διάθεση για δουλειά.
ΠΡΟΣΦΕΡΕΙ
Η Εταιρεία θα τους αναθέσει τη διακίνηση του ΚΑΦΕ ΠΑΠΑΓΑΛΟ ΛΟΥΜΙΔΗ με όλα επόμενα προϊόντα του ομίλου NESTLE για τα οποία δίνεται αποκλειστικότητα πελατεία και σε συγκεκριμένες περιοχές.
ΖΗΤΕΙΤΑΙ
ΠΑΡΑ ΤΗΣ AVIS RENT A CAR NEOS - A
γνωρίζων Λογιστικά, Αγγλικά και Γραφομηχανή.
Θα προτιμηθεί όποιος κατέχει και Γαλλικά.
Παρακαλούνται οι ενδιαφερόμενοι να αποστείλουν βιογραφικό σημείωμα στην παρακάτω Διεύθυνση:
AVIS RENT A CAR
25η Αυγούστου 58
Τ.Θ. 1045
712 02 ΗΡΑΚΛΕΙΟΝ (Εις προσοχήν Κας Β.Κ.)
ΟΙΚΟΔΟΜΙΚΕΣ ΕΠΙΧ/ΣΕΙΣ
ΒΑΓΓΕΛΗΣ ΧΑΤΖΗΔΑΚΗΣ
Λ. ΔΗΜΟΚΡΑΤΙΑΣ 26
ΤΗΛ. 236.016 - 236.012 - 0897/22.662
ΠΩΛΟΥΝΤΑΙ ΕΤΟΙΜΟΠΑΡΑΔΟΤΑ ΔΙΑΜΕΡΙΣΜΑΤΑ ΣΤΗΝ ΟΔΟ ΙΑ. ΚΑΤΣΟΥΛΗ 17 ΜΑΣΤΑΜΠΑΣ. ΕΠΙΣΗΣ ΖΗΤΕΙΤΑΙ ΟΙΚΟΠΕΔΟ ΓΙΑ ΑΓΟΡΑ Η ΑΝΤΙΠΑΡΟΧΗ.
ανώνυμη εμπορική επιχείρηση
ΖΗΤΑ
ΓΙΑ ΤΗΝ ΣΤΕΛΕΧΩΣΗ ΤΗΣ να προσληφθούν ΑΜΕΣΩΣ στο Ν. Ηρακλείου 5 άτομα ανεξαρτήτου φύλου από 20-35 ετών.
ΠΡΟΣΦΕΡΟΝΤΑΙ: ΜΙΣΘΟΣ, ΑΣΦΑΛΕΙΑ, ΕΣΤΡΑ ΠΡΙΜ, ΑΡΙΣΤΟ ΠΕΡΙΒΑΛΛΟΝ ΕΡΓΑΣΙΑΣ.
Για προσωπικό ραντεβού τηλεφωνήστε ώρες γραφείου 226.342
ζητήσεις
